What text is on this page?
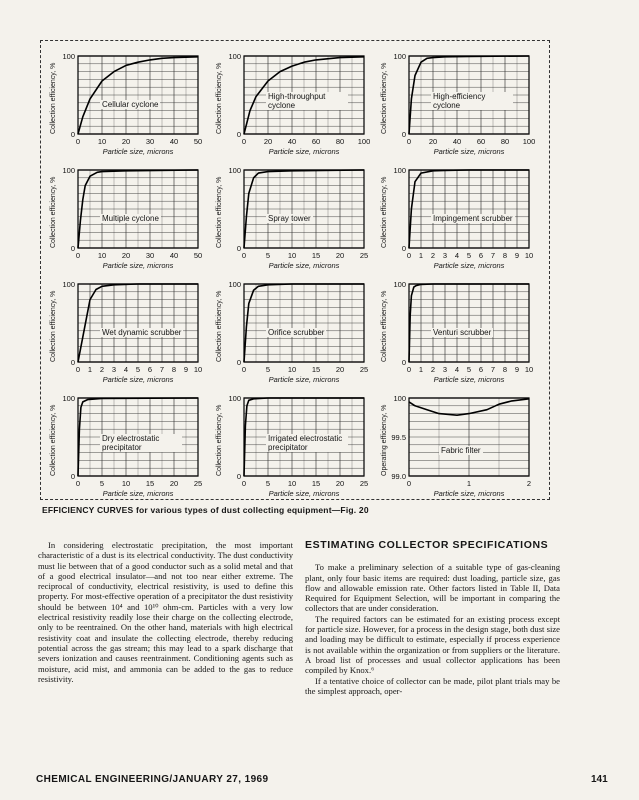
0 10 20 30 40 50
0
100
Collection efficiency, %	Cellular cyclone
Particle size, microns
0 20 40 60 80 100
0
100
Collection efficiency, %	High-throughput cyclone
Particle size, microns
0 20 40 60 80 100
0
100
Collection efficiency, %	High-efficiency cyclone
Particle size, microns
0 10 20 30 40 50
0
100
Collection efficiency, %	Multiple cyclone
Particle size, microns
0	5 10 15 20 25
0
100
Collection efficiency, %	Spray tower
Particle size, microns
0 1 2 3 4 5 6 7 8 9 10
0
100
Collection efficiency, %	Impingement scrubber
Particle size, microns
0 1 2 3 4 5 6 7 8 9 10
0
100
Collection efficiency, %	Wet dynamic scrubber
Particle size, microns
0	5 10 15 20 25
0
100
Collection efficiency, %	Orifice scrubber
Particle size, microns
0 1 2 3 4 5 6 7 8 9 10
0
100
Collection efficiency, %	Venturi scrubber
Particle size, microns
0	5 10 15 20 25
0
100
Collection efficiency, %	Dry electrostatic precipitator
Particle size, microns
0	5 10 15 20 25
0
100
Collection efficiency, %	Irrigated electrostatic precipitator
Particle size, microns
0	1	2
99.0
99.5
100
Operating efficiency, %	Fabric filter
Particle size, microns
EFFICIENCY CURVES for various types of dust collecting equipment—Fig. 20

In considering electrostatic precipitation, the most important characteristic of a dust is its electrical conductivity. The dust conductivity must lie between that of a good conductor such as a solid metal and that of a good electrical insulator—and not too near either extreme. The reciprocal of conductivity, electrical resistivity, is used to define this property. For most-effective operation of a precipitator the dust resistivity should be between 10⁴ and 10¹⁰ ohm-cm. Particles with a very low electrical resistivity readily lose their charge on the collecting electrode, only to be reentrained. On the other hand, materials with high electrical resistivity coat and insulate the collecting electrode, thereby reducing potential across the gas stream; this may lead to a spark discharge that severs ionization and causes reentrainment. Conditioning agents such as moisture, acid mist, and ammonia can be added to the gas to reduce resistivity.

ESTIMATING COLLECTOR SPECIFICATIONS

To make a preliminary selection of a suitable type of gas-cleaning plant, only four basic items are required: dust loading, particle size, gas flow and allowable emission rate. Other factors listed in Table II, Data Required for Equipment Selection, will be important in comparing the collectors that are under consideration.

The required factors can be estimated for an existing process except for particle size. However, for a process in the design stage, both dust size and loading may be difficult to estimate, especially if process experience is not available within the organization or from suppliers or the literature. A broad list of processes and usual collector applications has been compiled by Knox.⁶

If a tentative choice of collector can be made, pilot plant trials may be the simplest approach, oper-

CHEMICAL ENGINEERING/JANUARY 27, 1969	141
